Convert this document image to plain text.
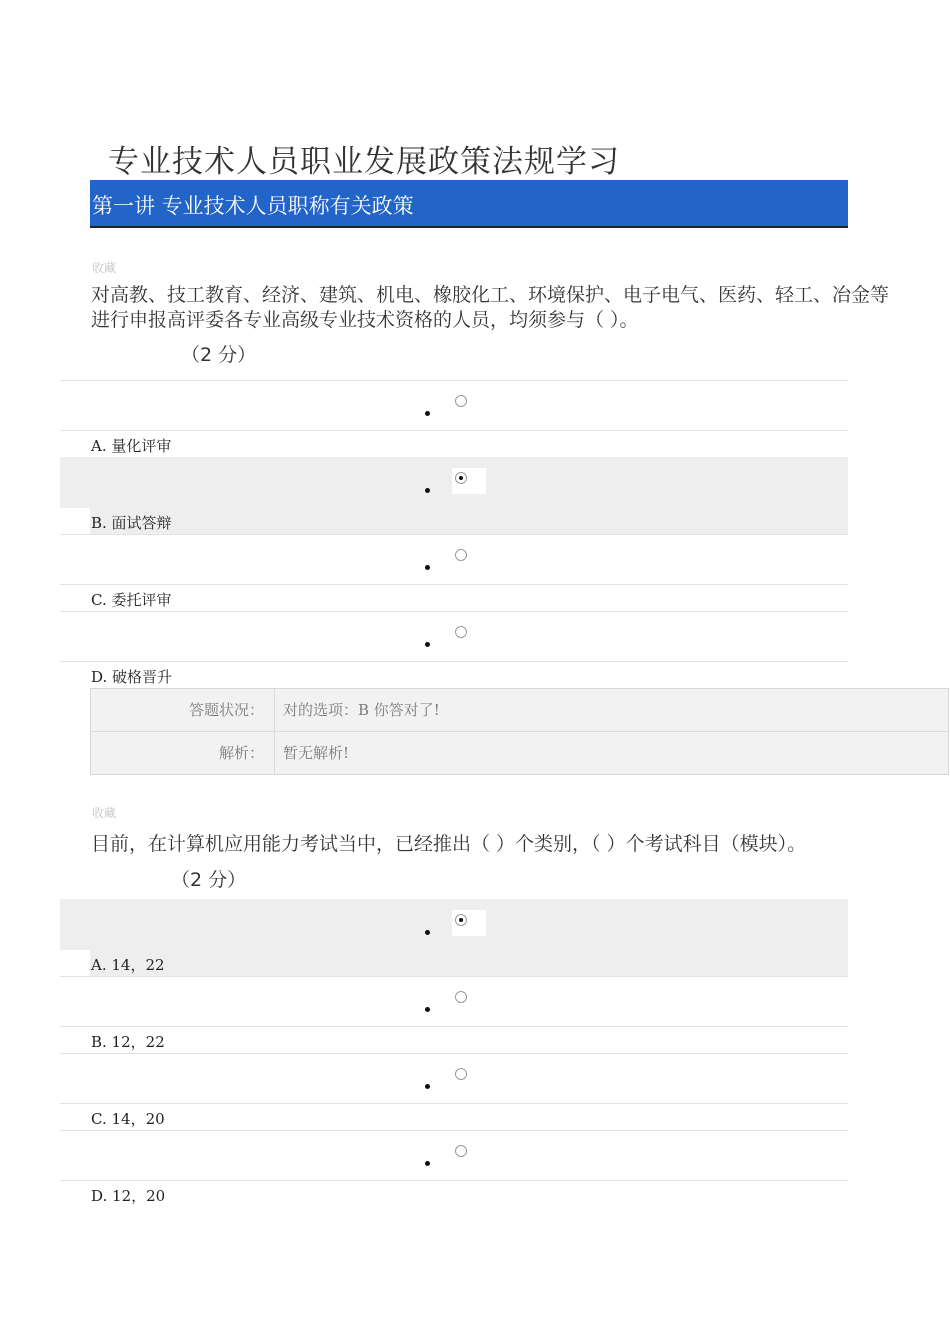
专业技术人员职业发展政策法规学习
第一讲 专业技术人员职称有关政策
收藏
对高教、技工教育、经济、建筑、机电、橡胶化工、环境保护、电子电气、医药、轻工、冶金等进行申报高评委各专业高级专业技术资格的人员，均须参与（ ）。
（2 分）
A. 量化评审
B. 面试答辩
C. 委托评审
D. 破格晋升
答题状况：	对的选项：B 你答对了!
解析：	暂无解析!
收藏
目前，在计算机应用能力考试当中，已经推出（ ）个类别，（ ）个考试科目（模块）。 （2 分）
A. 14，22
B. 12，22
C. 14，20
D. 12，20
